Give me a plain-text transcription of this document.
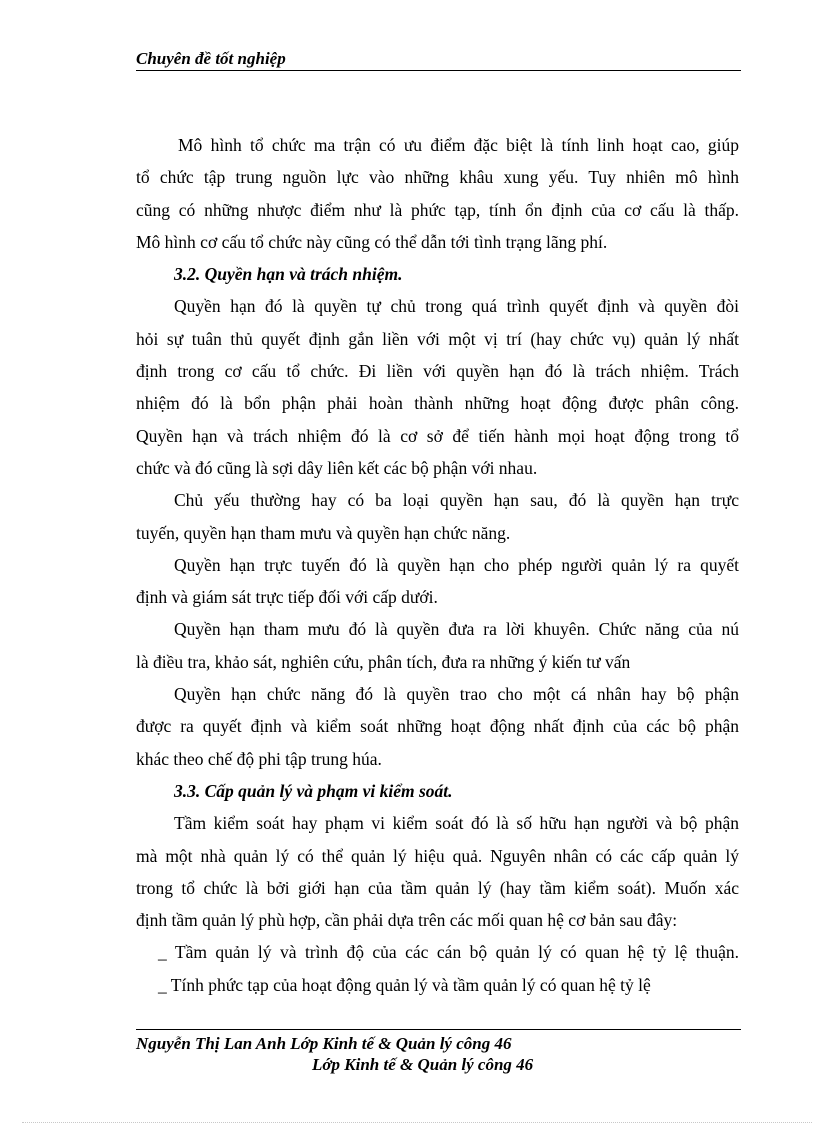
Chuyên đề tốt nghiệp
Mô hình tổ chức ma trận có ưu điểm đặc biệt là tính linh hoạt cao, giúp
tổ chức tập trung nguồn lực vào những khâu xung yếu. Tuy nhiên mô hình
cũng có những nhược điểm như là phức tạp, tính ổn định của cơ cấu là thấp.
Mô hình cơ cấu tổ chức này cũng có thể dẫn tới tình trạng lãng phí.
3.2. Quyền hạn và trách nhiệm.
Quyền hạn đó là quyền tự chủ trong quá trình quyết định và quyền đòi
hỏi sự tuân thủ quyết định gắn liền với một vị trí (hay chức vụ) quản lý nhất
định trong cơ cấu tổ chức. Đi liền với quyền hạn đó là trách nhiệm. Trách
nhiệm đó là bổn phận phải hoàn thành những hoạt động được phân công.
Quyền hạn và trách nhiệm đó là cơ sở để tiến hành mọi hoạt động trong tổ
chức và đó cũng là sợi dây liên kết các bộ phận với nhau.
Chủ yếu thường hay có ba loại quyền hạn sau, đó là quyền hạn trực
tuyến, quyền hạn tham mưu và quyền hạn chức năng.
Quyền hạn trực tuyến đó là quyền hạn cho phép người quản lý ra quyết
định và giám sát trực tiếp đối với cấp dưới.
Quyền hạn tham mưu đó là quyền đưa ra lời khuyên. Chức năng của nú
là điều tra, khảo sát, nghiên cứu, phân tích, đưa ra những ý kiến tư vấn
Quyền hạn chức năng đó là quyền trao cho một cá nhân hay bộ phận
được ra quyết định và kiểm soát những hoạt động nhất định của các bộ phận
khác theo chế độ phi tập trung húa.
3.3. Cấp quản lý và phạm vi kiểm soát.
Tầm kiểm soát hay phạm vi kiểm soát đó là số hữu hạn người và bộ phận
mà một nhà quản lý có thể quản lý hiệu quả. Nguyên nhân có các cấp quản lý
trong tổ chức là bởi giới hạn của tầm quản lý (hay tầm kiểm soát). Muốn xác
định tầm quản lý phù hợp, cần phải dựa trên các mối quan hệ cơ bản sau đây:
_ Tầm quản lý và trình độ của các cán bộ quản lý có quan hệ tỷ lệ thuận.
_ Tính phức tạp của hoạt động quản lý và tầm quản lý có quan hệ tỷ lệ
Nguyễn Thị Lan Anh Lớp Kinh tế & Quản lý công 46
Lớp Kinh tế & Quản lý công 46
